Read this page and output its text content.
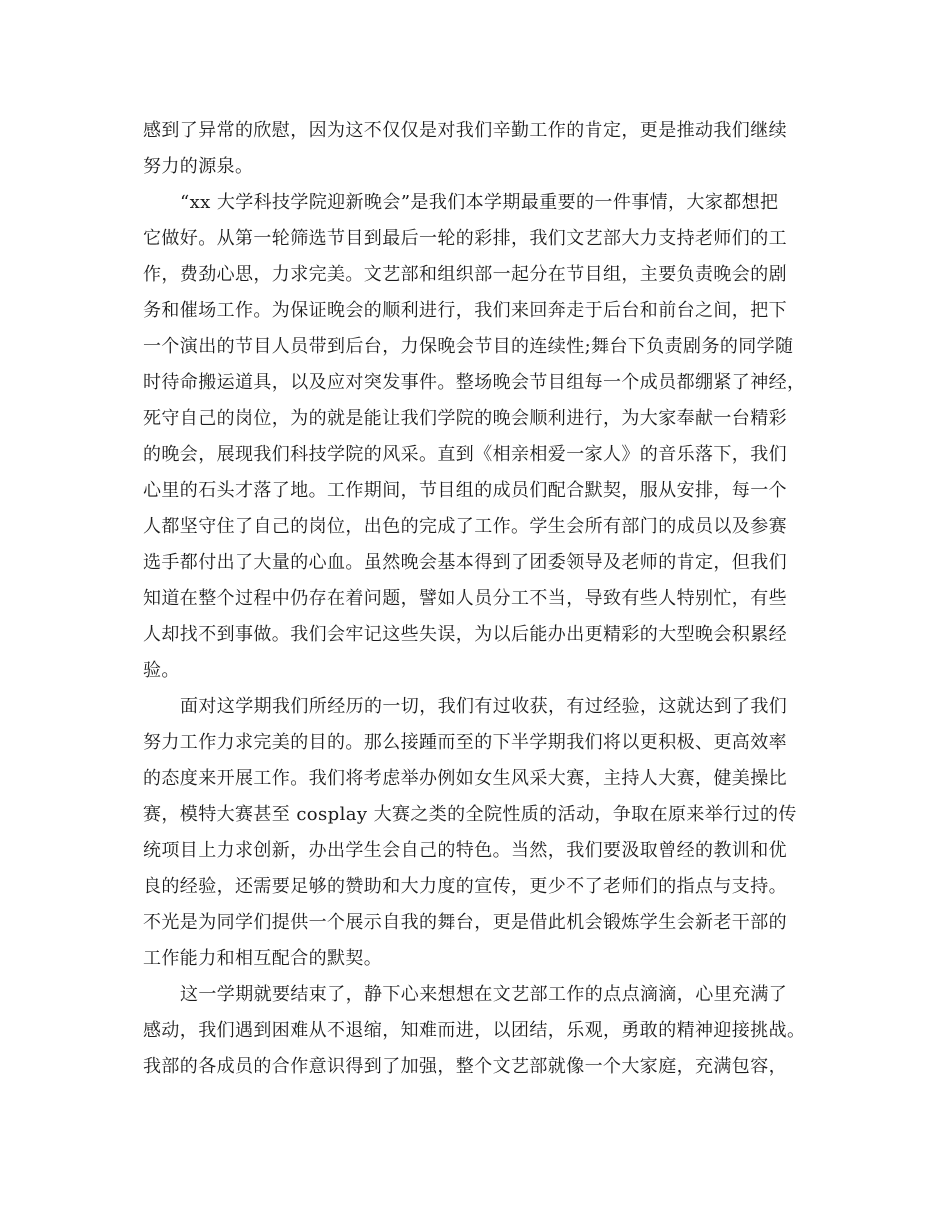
感到了异常的欣慰，因为这不仅仅是对我们辛勤工作的肯定，更是推动我们继续
努力的源泉。
“xx 大学科技学院迎新晚会”是我们本学期最重要的一件事情，大家都想把
它做好。从第一轮筛选节目到最后一轮的彩排，我们文艺部大力支持老师们的工
作，费劲心思，力求完美。文艺部和组织部一起分在节目组，主要负责晚会的剧
务和催场工作。为保证晚会的顺利进行，我们来回奔走于后台和前台之间，把下
一个演出的节目人员带到后台，力保晚会节目的连续性;舞台下负责剧务的同学随
时待命搬运道具，以及应对突发事件。整场晚会节目组每一个成员都绷紧了神经，
死守自己的岗位，为的就是能让我们学院的晚会顺利进行，为大家奉献一台精彩
的晚会，展现我们科技学院的风采。直到《相亲相爱一家人》的音乐落下，我们
心里的石头才落了地。工作期间，节目组的成员们配合默契，服从安排，每一个
人都坚守住了自己的岗位，出色的完成了工作。学生会所有部门的成员以及参赛
选手都付出了大量的心血。虽然晚会基本得到了团委领导及老师的肯定，但我们
知道在整个过程中仍存在着问题，譬如人员分工不当，导致有些人特别忙，有些
人却找不到事做。我们会牢记这些失误，为以后能办出更精彩的大型晚会积累经
验。
面对这学期我们所经历的一切，我们有过收获，有过经验，这就达到了我们
努力工作力求完美的目的。那么接踵而至的下半学期我们将以更积极、更高效率
的态度来开展工作。我们将考虑举办例如女生风采大赛，主持人大赛，健美操比
赛，模特大赛甚至 cosplay 大赛之类的全院性质的活动，争取在原来举行过的传
统项目上力求创新，办出学生会自己的特色。当然，我们要汲取曾经的教训和优
良的经验，还需要足够的赞助和大力度的宣传，更少不了老师们的指点与支持。
不光是为同学们提供一个展示自我的舞台，更是借此机会锻炼学生会新老干部的
工作能力和相互配合的默契。
这一学期就要结束了，静下心来想想在文艺部工作的点点滴滴，心里充满了
感动，我们遇到困难从不退缩，知难而进，以团结，乐观，勇敢的精神迎接挑战。
我部的各成员的合作意识得到了加强，整个文艺部就像一个大家庭，充满包容，
